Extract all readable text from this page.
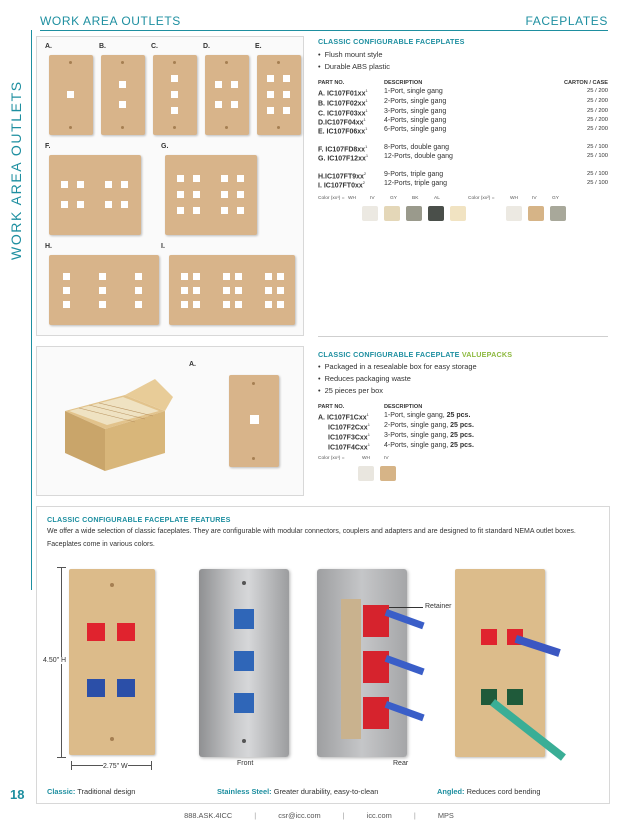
WORK AREA OUTLETS	FACEPLATES
WORK AREA OUTLETS
A.	B.	C.	D.	E.
F.	G.
H.	I.
CLASSIC CONFIGURABLE FACEPLATES
• Flush mount style
• Durable ABS plastic
PART NO.	DESCRIPTION	CARTON / CASE
A. $IC107F01xx^1$ 1-Port, single gang	25 / 200
B. $IC107F02xx^1$ 2-Ports, single gang	25 / 200
C. $IC107F03xx^1$ 3-Ports, single gang	25 / 200
$D.IC107F04xx^1$	4-Ports, single gang	25 / 200
E. $IC107F06xx^1$ 6-Ports, single gang	25 / 200
F. $IC107FD8xx^1$ 8-Ports, double gang	25 / 100
G. $IC107F12xx^1$ 12-Ports, double gang	25 / 100
$H.IC107FT9xx^2$	9-Ports, triple gang	25 / 100
I. $IC107FT0xx^2$	12-Ports, triple gang	25 / 100
Color (xx¹) = WH	IV	GY	BK	AL	Color (xx²) =	WH	IV	GY
A.
CLASSIC CONFIGURABLE FACEPLATE VALUEPACKS
• Packaged in a resealable box for easy storage
• Reduces packaging waste
• 25 pieces per box
PART NO.	DESCRIPTION
A. IC107F1Cxx$^1$ 1-Port, single gang, 25 pcs.
IC107F2Cxx$^1$ 2-Ports, single gang, 25 pcs.
IC107F3Cxx$^1$ 3-Ports, single gang, 25 pcs.
IC107F4Cxx$^1$ 4-Ports, single gang, 25 pcs.
Color (xx¹) =	WH	IV
CLASSIC CONFIGURABLE FACEPLATE FEATURES
We offer a wide selection of classic faceplates. They are configurable with modular connectors, couplers and adapters and are designed to fit standard NEMA outlet boxes. Faceplates come in various colors.
4.50" H
2.75" W	Front
Retainer
Rear
Classic: Traditional design	Stainless Steel: Greater durability, easy-to-clean	Angled: Reduces cord bending
18
888.ASK.4ICC	|	csr@icc.com	|	icc.com	|	MPS
